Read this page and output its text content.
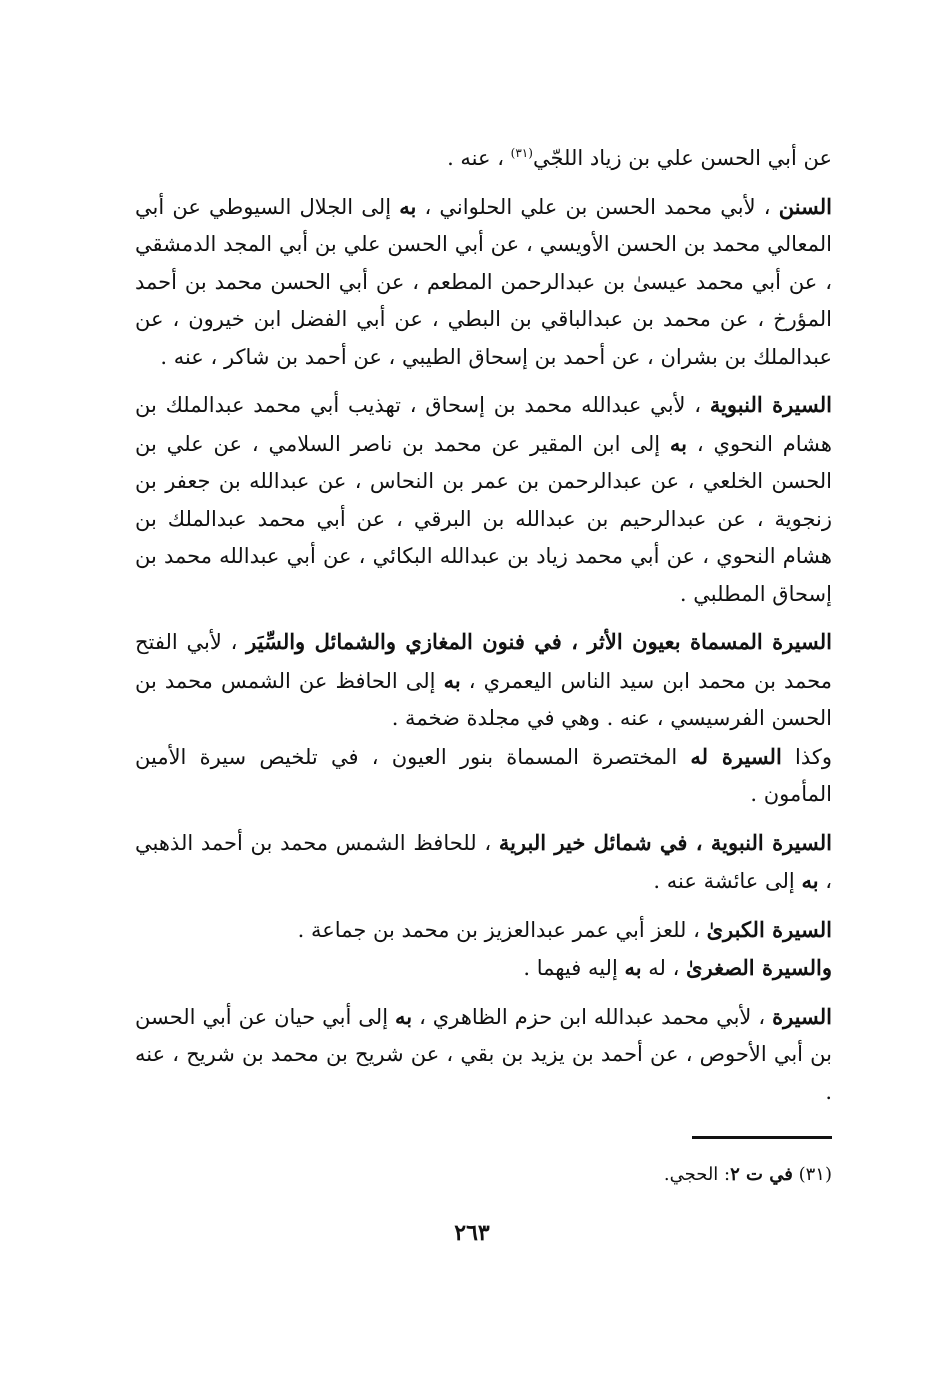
عن أبي الحسن علي بن زياد اللجّي$^{(٣١)}$ ، عنه .

السنن ، لأبي محمد الحسن بن علي الحلواني ، به إلى الجلال السيوطي عن أبي المعالي محمد بن الحسن الأويسي ، عن أبي الحسن علي بن أبي المجد الدمشقي ، عن أبي محمد عيسىٰ بن عبدالرحمن المطعم ، عن أبي الحسن محمد بن أحمد المؤرخ ، عن محمد بن عبدالباقي بن البطي ، عن أبي الفضل ابن خيرون ، عن عبدالملك بن بشران ، عن أحمد بن إسحاق الطيبي ، عن أحمد بن شاكر ، عنه .

السيرة النبوية ، لأبي عبدالله محمد بن إسحاق ، تهذيب أبي محمد عبدالملك بن هشام النحوي ، به إلى ابن المقير عن محمد بن ناصر السلامي ، عن علي بن الحسن الخلعي ، عن عبدالرحمن بن عمر بن النحاس ، عن عبدالله بن جعفر بن زنجوية ، عن عبدالرحيم بن عبدالله بن البرقي ، عن أبي محمد عبدالملك بن هشام النحوي ، عن أبي محمد زياد بن عبدالله البكائي ، عن أبي عبدالله محمد بن إسحاق المطلبي .

السيرة المسماة بعيون الأثر ، في فنون المغازي والشمائل والسِّيَر ، لأبي الفتح محمد بن محمد ابن سيد الناس اليعمري ، به إلى الحافظ عن الشمس محمد بن الحسن الفرسيسي ، عنه . وهي في مجلدة ضخمة .

وكذا السيرة له المختصرة المسماة بنور العيون ، في تلخيص سيرة الأمين المأمون .

السيرة النبوية ، في شمائل خير البرية ، للحافظ الشمس محمد بن أحمد الذهبي ، به إلى عائشة عنه .

السيرة الكبرىٰ ، للعز أبي عمر عبدالعزيز بن محمد بن جماعة .

والسيرة الصغرىٰ ، له به إليه فيهما .

السيرة ، لأبي محمد عبدالله ابن حزم الظاهري ، به إلى أبي حيان عن أبي الحسن بن أبي الأحوص ، عن أحمد بن يزيد بن بقي ، عن شريح بن محمد بن شريح ، عنه .

(٣١) في ت ٢: الحجي.
٢٦٣
